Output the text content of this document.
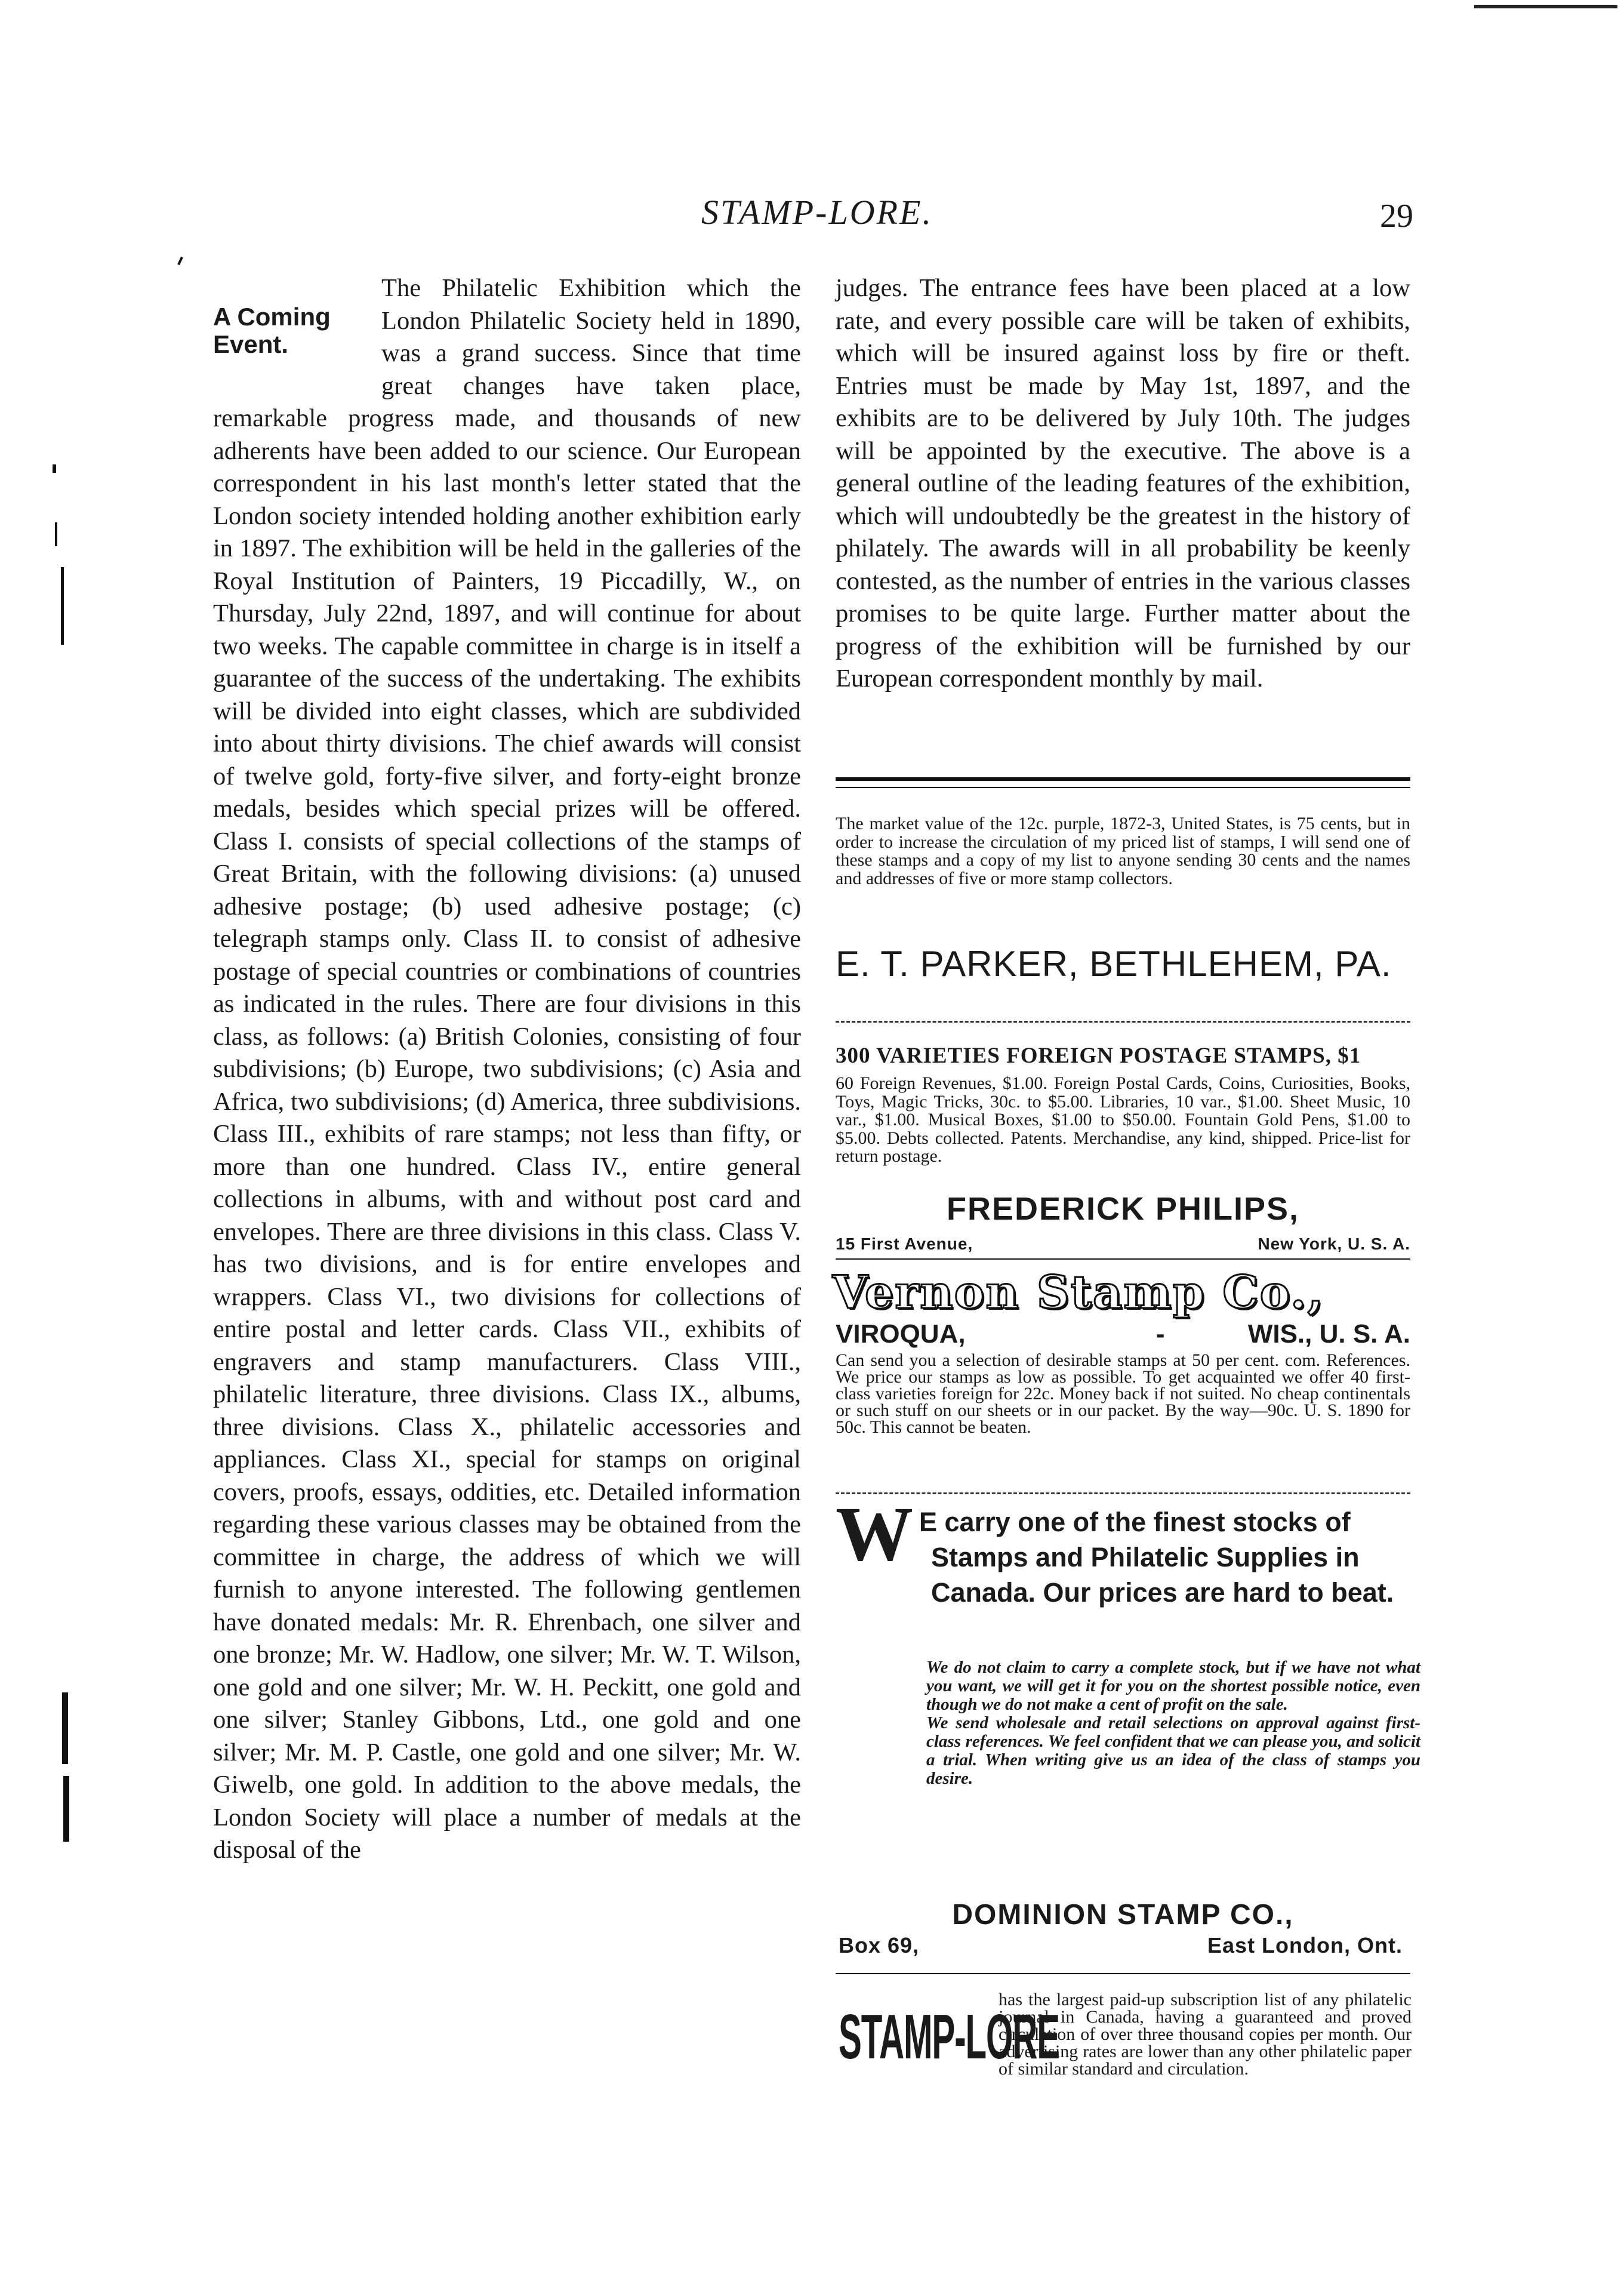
STAMP-LORE.	29
A Coming Event.

The Philatelic Exhibition which the London Philatelic Society held in 1890, was a grand success. Since that time great changes have taken place, remarkable progress made, and thousands of new adherents have been added to our science. Our European correspondent in his last month's letter stated that the London society intended holding another exhibition early in 1897. The exhibition will be held in the galleries of the Royal Institution of Painters, 19 Piccadilly, W., on Thursday, July 22nd, 1897, and will continue for about two weeks. The capable committee in charge is in itself a guarantee of the success of the undertaking. The exhibits will be divided into eight classes, which are subdivided into about thirty divisions. The chief awards will consist of twelve gold, forty-five silver, and forty-eight bronze medals, besides which special prizes will be offered. Class I. consists of special collections of the stamps of Great Britain, with the following divisions: (a) unused adhesive postage; (b) used adhesive postage; (c) telegraph stamps only. Class II. to consist of adhesive postage of special countries or combinations of countries as indicated in the rules. There are four divisions in this class, as follows: (a) British Colonies, consisting of four subdivisions; (b) Europe, two subdivisions; (c) Asia and Africa, two subdivisions; (d) America, three subdivisions. Class III., exhibits of rare stamps; not less than fifty, or more than one hundred. Class IV., entire general collections in albums, with and without post card and envelopes. There are three divisions in this class. Class V. has two divisions, and is for entire envelopes and wrappers. Class VI., two divisions for collections of entire postal and letter cards. Class VII., exhibits of engravers and stamp manufacturers. Class VIII., philatelic literature, three divisions. Class IX., albums, three divisions. Class X., philatelic accessories and appliances. Class XI., special for stamps on original covers, proofs, essays, oddities, etc. Detailed information regarding these various classes may be obtained from the committee in charge, the address of which we will furnish to anyone interested. The following gentlemen have donated medals: Mr. R. Ehrenbach, one silver and one bronze; Mr. W. Hadlow, one silver; Mr. W. T. Wilson, one gold and one silver; Mr. W. H. Peckitt, one gold and one silver; Stanley Gibbons, Ltd., one gold and one silver; Mr. M. P. Castle, one gold and one silver; Mr. W. Giwelb, one gold. In addition to the above medals, the London Society will place a number of medals at the disposal of the

judges. The entrance fees have been placed at a low rate, and every possible care will be taken of exhibits, which will be insured against loss by fire or theft. Entries must be made by May 1st, 1897, and the exhibits are to be delivered by July 10th. The judges will be appointed by the executive. The above is a general outline of the leading features of the exhibition, which will undoubtedly be the greatest in the history of philately. The awards will in all probability be keenly contested, as the number of entries in the various classes promises to be quite large. Further matter about the progress of the exhibition will be furnished by our European correspondent monthly by mail.

The market value of the 12c. purple, 1872-3, United States, is 75 cents, but in order to increase the circulation of my priced list of stamps, I will send one of these stamps and a copy of my list to anyone sending 30 cents and the names and addresses of five or more stamp collectors.

E. T. PARKER, BETHLEHEM, PA.
300 VARIETIES FOREIGN POSTAGE STAMPS, $1

60 Foreign Revenues, $1.00. Foreign Postal Cards, Coins, Curiosities, Books, Toys, Magic Tricks, 30c. to $5.00. Libraries, 10 var., $1.00. Sheet Music, 10 var., $1.00. Musical Boxes, $1.00 to $50.00. Fountain Gold Pens, $1.00 to $5.00. Debts collected. Patents. Merchandise, any kind, shipped. Price-list for return postage.

FREDERICK PHILIPS,
15 First Avenue,	New York, U. S. A.
Vernon Stamp Co.,
VIROQUA,	-	WIS., U. S. A.

Can send you a selection of desirable stamps at 50 per cent. com. References. We price our stamps as low as possible. To get acquainted we offer 40 first-class varieties foreign for 22c. Money back if not suited. No cheap continentals or such stuff on our sheets or in our packet. By the way—90c. U. S. 1890 for 50c. This cannot be beaten.

W E carry one of the finest stocks of
Stamps and Philatelic Supplies in Canada. Our prices are hard to beat.

We do not claim to carry a complete stock, but if we have not what you want, we will get it for you on the shortest possible notice, even though we do not make a cent of profit on the sale.

We send wholesale and retail selections on approval against first-class references. We feel confident that we can please you, and solicit a trial. When writing give us an idea of the class of stamps you desire.

DOMINION STAMP CO.,
Box 69,	East London, Ont.
STAMP-LORE

has the largest paid-up subscription list of any philatelic journal in Canada, having a guaranteed and proved circulation of over three thousand copies per month. Our advertising rates are lower than any other philatelic paper of similar standard and circulation.
